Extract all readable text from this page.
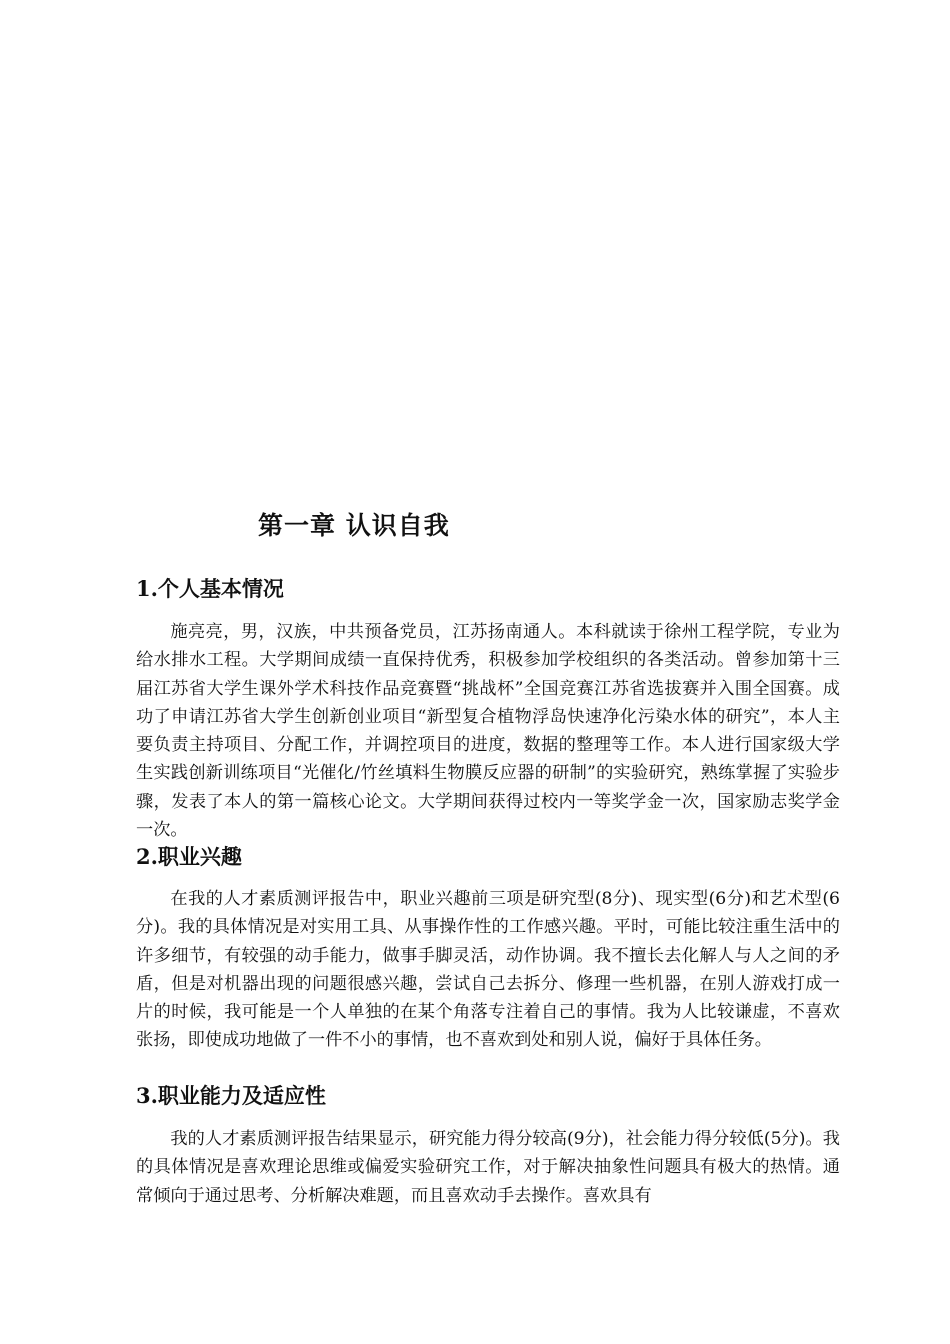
第一章 认识自我
1.个人基本情况

施亮亮，男，汉族，中共预备党员，江苏扬南通人。本科就读于徐州工程学院，专业为给水排水工程。大学期间成绩一直保持优秀，积极参加学校组织的各类活动。曾参加第十三届江苏省大学生课外学术科技作品竞赛暨“挑战杯”全国竞赛江苏省选拔赛并入围全国赛。成功了申请江苏省大学生创新创业项目“新型复合植物浮岛快速净化污染水体的研究”，本人主要负责主持项目、分配工作，并调控项目的进度，数据的整理等工作。本人进行国家级大学生实践创新训练项目“光催化/竹丝填料生物膜反应器的研制”的实验研究，熟练掌握了实验步骤，发表了本人的第一篇核心论文。大学期间获得过校内一等奖学金一次，国家励志奖学金一次。

2.职业兴趣

在我的人才素质测评报告中，职业兴趣前三项是研究型(8分)、现实型(6分)和艺术型(6分)。我的具体情况是对实用工具、从事操作性的工作感兴趣。平时，可能比较注重生活中的许多细节，有较强的动手能力，做事手脚灵活，动作协调。我不擅长去化解人与人之间的矛盾，但是对机器出现的问题很感兴趣，尝试自己去拆分、修理一些机器，在别人游戏打成一片的时候，我可能是一个人单独的在某个角落专注着自己的事情。我为人比较谦虚，不喜欢张扬，即使成功地做了一件不小的事情，也不喜欢到处和别人说，偏好于具体任务。

3.职业能力及适应性

我的人才素质测评报告结果显示，研究能力得分较高(9分)，社会能力得分较低(5分)。我的具体情况是喜欢理论思维或偏爱实验研究工作，对于解决抽象性问题具有极大的热情。通常倾向于通过思考、分析解决难题，而且喜欢动手去操作。喜欢具有
